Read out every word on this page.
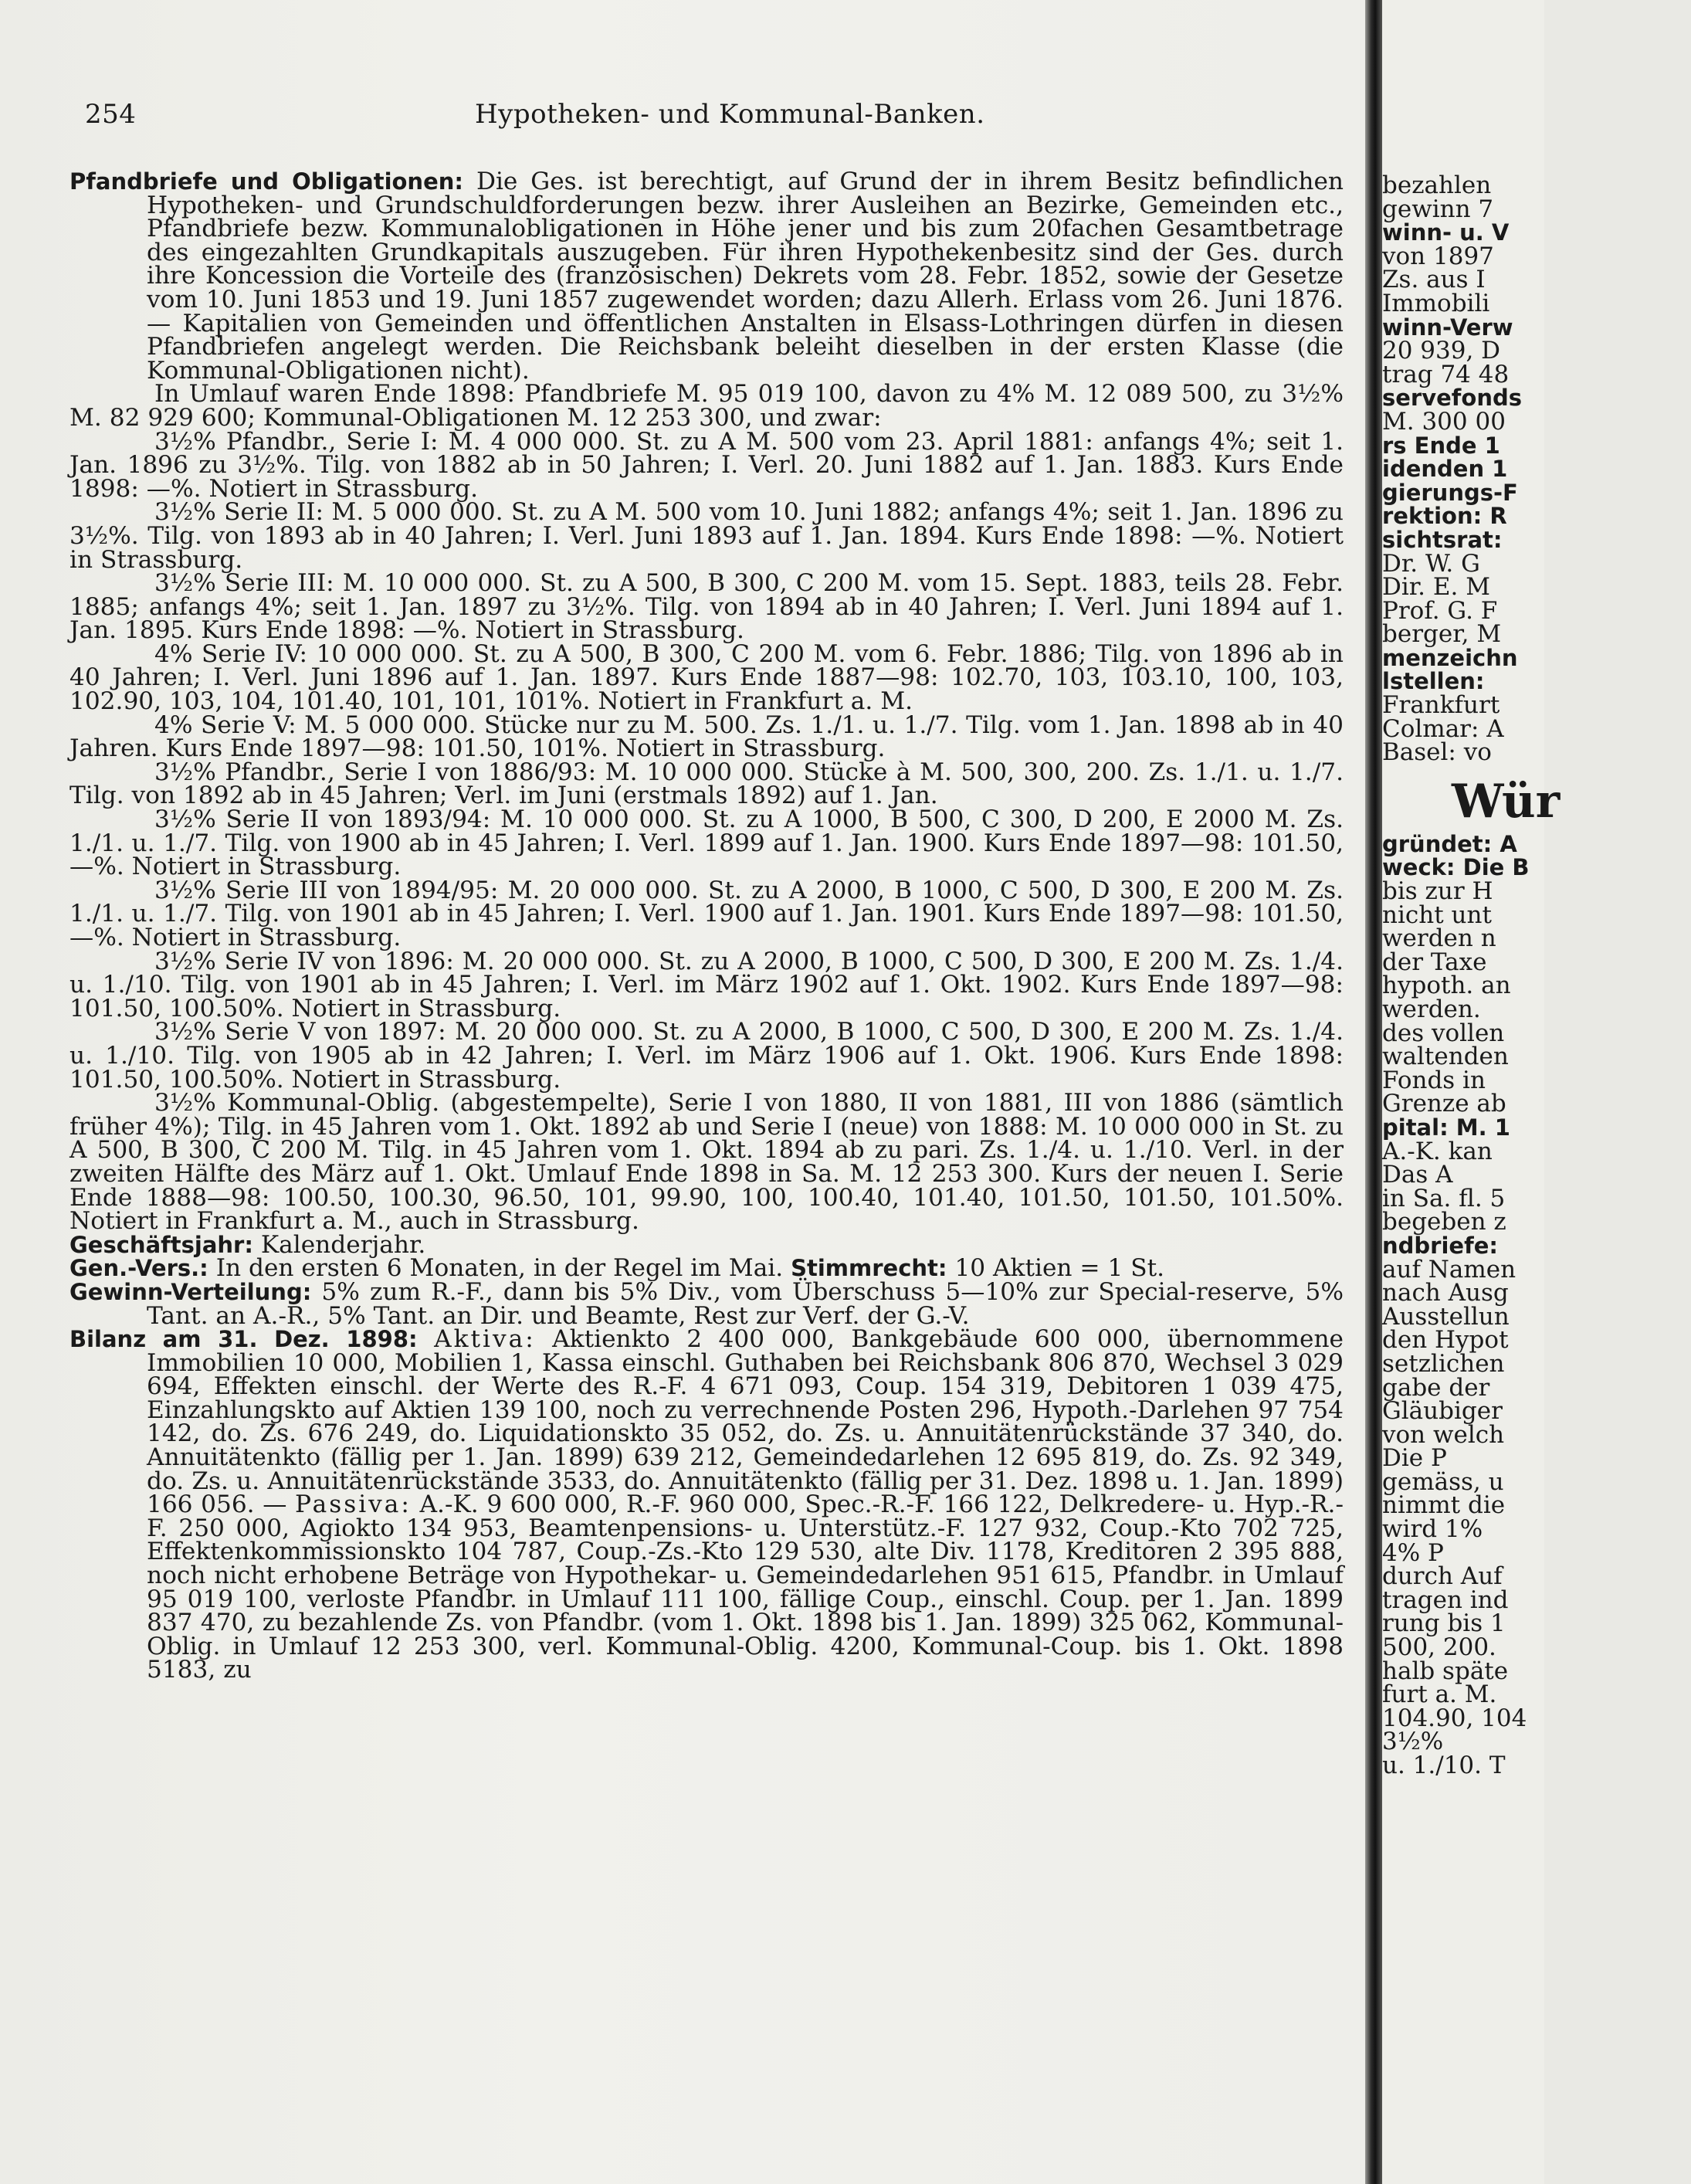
254	Hypotheken- und Kommunal-Banken.

Pfandbriefe und Obligationen: Die Ges. ist berechtigt, auf Grund der in ihrem Besitz befindlichen Hypotheken- und Grundschuldforderungen bezw. ihrer Ausleihen an Bezirke, Gemeinden etc., Pfandbriefe bezw. Kommunalobligationen in Höhe jener und bis zum 20fachen Gesamtbetrage des eingezahlten Grundkapitals auszugeben. Für ihren Hypothekenbesitz sind der Ges. durch ihre Koncession die Vorteile des (französischen) Dekrets vom 28. Febr. 1852, sowie der Gesetze vom 10. Juni 1853 und 19. Juni 1857 zugewendet worden; dazu Allerh. Erlass vom 26. Juni 1876. — Kapitalien von Gemeinden und öffentlichen Anstalten in Elsass-Lothringen dürfen in diesen Pfandbriefen angelegt werden. Die Reichsbank beleiht dieselben in der ersten Klasse (die Kommunal-Obligationen nicht).

In Umlauf waren Ende 1898: Pfandbriefe M. 95 019 100, davon zu 4% M. 12 089 500, zu 3½% M. 82 929 600; Kommunal-Obligationen M. 12 253 300, und zwar:

3½% Pfandbr., Serie I: M. 4 000 000. St. zu A M. 500 vom 23. April 1881: anfangs 4%; seit 1. Jan. 1896 zu 3½%. Tilg. von 1882 ab in 50 Jahren; I. Verl. 20. Juni 1882 auf 1. Jan. 1883. Kurs Ende 1898: —%. Notiert in Strassburg.

3½% Serie II: M. 5 000 000. St. zu A M. 500 vom 10. Juni 1882; anfangs 4%; seit 1. Jan. 1896 zu 3½%. Tilg. von 1893 ab in 40 Jahren; I. Verl. Juni 1893 auf 1. Jan. 1894. Kurs Ende 1898: —%. Notiert in Strassburg.

3½% Serie III: M. 10 000 000. St. zu A 500, B 300, C 200 M. vom 15. Sept. 1883, teils 28. Febr. 1885; anfangs 4%; seit 1. Jan. 1897 zu 3½%. Tilg. von 1894 ab in 40 Jahren; I. Verl. Juni 1894 auf 1. Jan. 1895. Kurs Ende 1898: —%. Notiert in Strassburg.

4% Serie IV: 10 000 000. St. zu A 500, B 300, C 200 M. vom 6. Febr. 1886; Tilg. von 1896 ab in 40 Jahren; I. Verl. Juni 1896 auf 1. Jan. 1897. Kurs Ende 1887—98: 102.70, 103, 103.10, 100, 103, 102.90, 103, 104, 101.40, 101, 101, 101%. Notiert in Frankfurt a. M.

4% Serie V: M. 5 000 000. Stücke nur zu M. 500. Zs. 1./1. u. 1./7. Tilg. vom 1. Jan. 1898 ab in 40 Jahren. Kurs Ende 1897—98: 101.50, 101%. Notiert in Strassburg.

3½% Pfandbr., Serie I von 1886/93: M. 10 000 000. Stücke à M. 500, 300, 200. Zs. 1./1. u. 1./7. Tilg. von 1892 ab in 45 Jahren; Verl. im Juni (erstmals 1892) auf 1. Jan.

3½% Serie II von 1893/94: M. 10 000 000. St. zu A 1000, B 500, C 300, D 200, E 2000 M. Zs. 1./1. u. 1./7. Tilg. von 1900 ab in 45 Jahren; I. Verl. 1899 auf 1. Jan. 1900. Kurs Ende 1897—98: 101.50, —%. Notiert in Strassburg.

3½% Serie III von 1894/95: M. 20 000 000. St. zu A 2000, B 1000, C 500, D 300, E 200 M. Zs. 1./1. u. 1./7. Tilg. von 1901 ab in 45 Jahren; I. Verl. 1900 auf 1. Jan. 1901. Kurs Ende 1897—98: 101.50, —%. Notiert in Strassburg.

3½% Serie IV von 1896: M. 20 000 000. St. zu A 2000, B 1000, C 500, D 300, E 200 M. Zs. 1./4. u. 1./10. Tilg. von 1901 ab in 45 Jahren; I. Verl. im März 1902 auf 1. Okt. 1902. Kurs Ende 1897—98: 101.50, 100.50%. Notiert in Strassburg.

3½% Serie V von 1897: M. 20 000 000. St. zu A 2000, B 1000, C 500, D 300, E 200 M. Zs. 1./4. u. 1./10. Tilg. von 1905 ab in 42 Jahren; I. Verl. im März 1906 auf 1. Okt. 1906. Kurs Ende 1898: 101.50, 100.50%. Notiert in Strassburg.

3½% Kommunal-Oblig. (abgestempelte), Serie I von 1880, II von 1881, III von 1886 (sämtlich früher 4%); Tilg. in 45 Jahren vom 1. Okt. 1892 ab und Serie I (neue) von 1888: M. 10 000 000 in St. zu A 500, B 300, C 200 M. Tilg. in 45 Jahren vom 1. Okt. 1894 ab zu pari. Zs. 1./4. u. 1./10. Verl. in der zweiten Hälfte des März auf 1. Okt. Umlauf Ende 1898 in Sa. M. 12 253 300. Kurs der neuen I. Serie Ende 1888—98: 100.50, 100.30, 96.50, 101, 99.90, 100, 100.40, 101.40, 101.50, 101.50, 101.50%. Notiert in Frankfurt a. M., auch in Strassburg.

Geschäftsjahr: Kalenderjahr.

Gen.-Vers.: In den ersten 6 Monaten, in der Regel im Mai. Stimmrecht: 10 Aktien = 1 St.

Gewinn-Verteilung: 5% zum R.-F., dann bis 5% Div., vom Überschuss 5—10% zur Special-reserve, 5% Tant. an A.-R., 5% Tant. an Dir. und Beamte, Rest zur Verf. der G.-V.

Bilanz am 31. Dez. 1898: Aktiva: Aktienkto 2 400 000, Bankgebäude 600 000, übernommene Immobilien 10 000, Mobilien 1, Kassa einschl. Guthaben bei Reichsbank 806 870, Wechsel 3 029 694, Effekten einschl. der Werte des R.-F. 4 671 093, Coup. 154 319, Debitoren 1 039 475, Einzahlungskto auf Aktien 139 100, noch zu verrechnende Posten 296, Hypoth.-Darlehen 97 754 142, do. Zs. 676 249, do. Liquidationskto 35 052, do. Zs. u. Annuitätenrückstände 37 340, do. Annuitätenkto (fällig per 1. Jan. 1899) 639 212, Gemeindedarlehen 12 695 819, do. Zs. 92 349, do. Zs. u. Annuitätenrückstände 3533, do. Annuitätenkto (fällig per 31. Dez. 1898 u. 1. Jan. 1899) 166 056. — Passiva: A.-K. 9 600 000, R.-F. 960 000, Spec.-R.-F. 166 122, Delkredere- u. Hyp.-R.-F. 250 000, Agiokto 134 953, Beamtenpensions- u. Unterstütz.-F. 127 932, Coup.-Kto 702 725, Effektenkommissionskto 104 787, Coup.-Zs.-Kto 129 530, alte Div. 1178, Kreditoren 2 395 888, noch nicht erhobene Beträge von Hypothekar- u. Gemeindedarlehen 951 615, Pfandbr. in Umlauf 95 019 100, verloste Pfandbr. in Umlauf 111 100, fällige Coup., einschl. Coup. per 1. Jan. 1899 837 470, zu bezahlende Zs. von Pfandbr. (vom 1. Okt. 1898 bis 1. Jan. 1899) 325 062, Kommunal-Oblig. in Umlauf 12 253 300, verl. Kommunal-Oblig. 4200, Kommunal-Coup. bis 1. Okt. 1898 5183, zu

bezahlen
gewinn 7
winn- u. V
von 1897
Zs. aus I
Immobili
winn-Verw
20 939, D
trag 74 48
servefonds
M. 300 00
rs Ende 1
idenden 1
gierungs-F
rektion: R
sichtsrat:
Dr. W. G
Dir. E. M
Prof. G. F
berger, M
menzeichn
lstellen:
Frankfurt
Colmar: A
Basel: vo
Wür
gründet: A
weck: Die B
bis zur H
nicht unt
werden n
der Taxe
hypoth. an
werden.
des vollen
waltenden
Fonds in
Grenze ab
pital: M. 1
A.-K. kan
Das A
in Sa. fl. 5
begeben z
ndbriefe:
auf Namen
nach Ausg
Ausstellun
den Hypot
setzlichen
gabe der
Gläubiger
von welch
Die P
gemäss, u
nimmt die
wird 1%
4% P
durch Auf
tragen ind
rung bis 1
500, 200.
halb späte
furt a. M.
104.90, 104
3½%
u. 1./10. T
